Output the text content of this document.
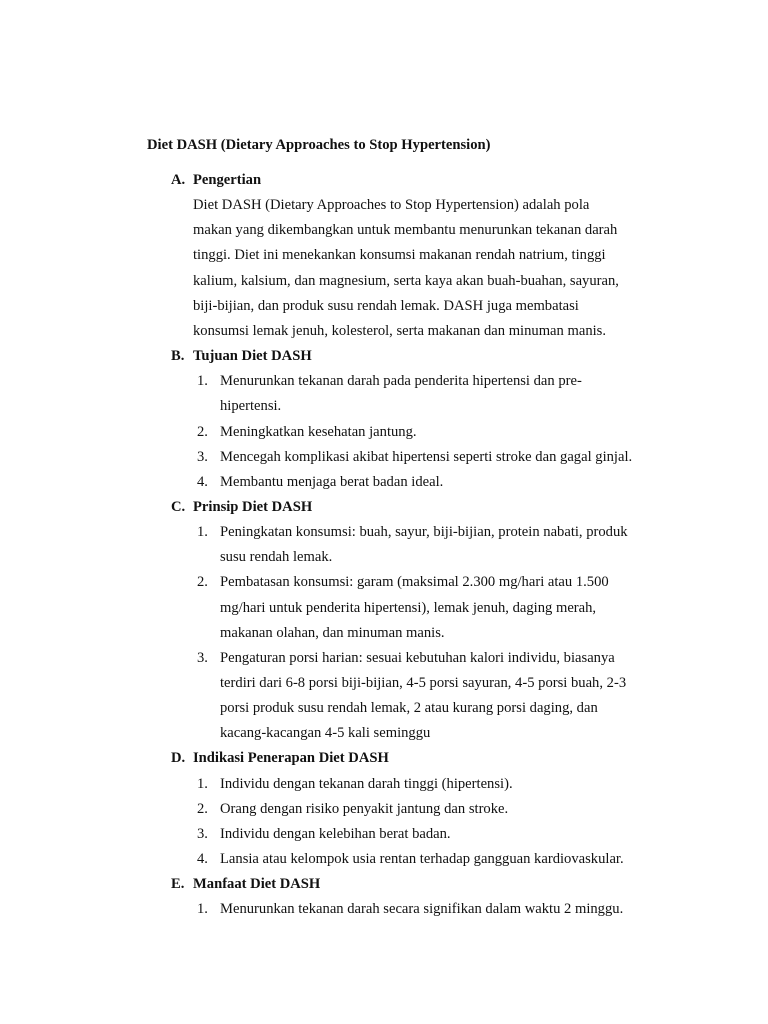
Diet DASH (Dietary Approaches to Stop Hypertension)
A. Pengertian
Diet DASH (Dietary Approaches to Stop Hypertension) adalah pola
makan yang dikembangkan untuk membantu menurunkan tekanan darah
tinggi. Diet ini menekankan konsumsi makanan rendah natrium, tinggi
kalium, kalsium, dan magnesium, serta kaya akan buah-buahan, sayuran,
biji-bijian, dan produk susu rendah lemak. DASH juga membatasi
konsumsi lemak jenuh, kolesterol, serta makanan dan minuman manis.
B. Tujuan Diet DASH
1. Menurunkan tekanan darah pada penderita hipertensi dan pre-
hipertensi.
2. Meningkatkan kesehatan jantung.
3. Mencegah komplikasi akibat hipertensi seperti stroke dan gagal ginjal.
4. Membantu menjaga berat badan ideal.
C. Prinsip Diet DASH
1. Peningkatan konsumsi: buah, sayur, biji-bijian, protein nabati, produk
susu rendah lemak.
2. Pembatasan konsumsi: garam (maksimal 2.300 mg/hari atau 1.500
mg/hari untuk penderita hipertensi), lemak jenuh, daging merah,
makanan olahan, dan minuman manis.
3. Pengaturan porsi harian: sesuai kebutuhan kalori individu, biasanya
terdiri dari 6-8 porsi biji-bijian, 4-5 porsi sayuran, 4-5 porsi buah, 2-3
porsi produk susu rendah lemak, 2 atau kurang porsi daging, dan
kacang-kacangan 4-5 kali seminggu
D. Indikasi Penerapan Diet DASH
1. Individu dengan tekanan darah tinggi (hipertensi).
2. Orang dengan risiko penyakit jantung dan stroke.
3. Individu dengan kelebihan berat badan.
4. Lansia atau kelompok usia rentan terhadap gangguan kardiovaskular.
E. Manfaat Diet DASH
1. Menurunkan tekanan darah secara signifikan dalam waktu 2 minggu.
